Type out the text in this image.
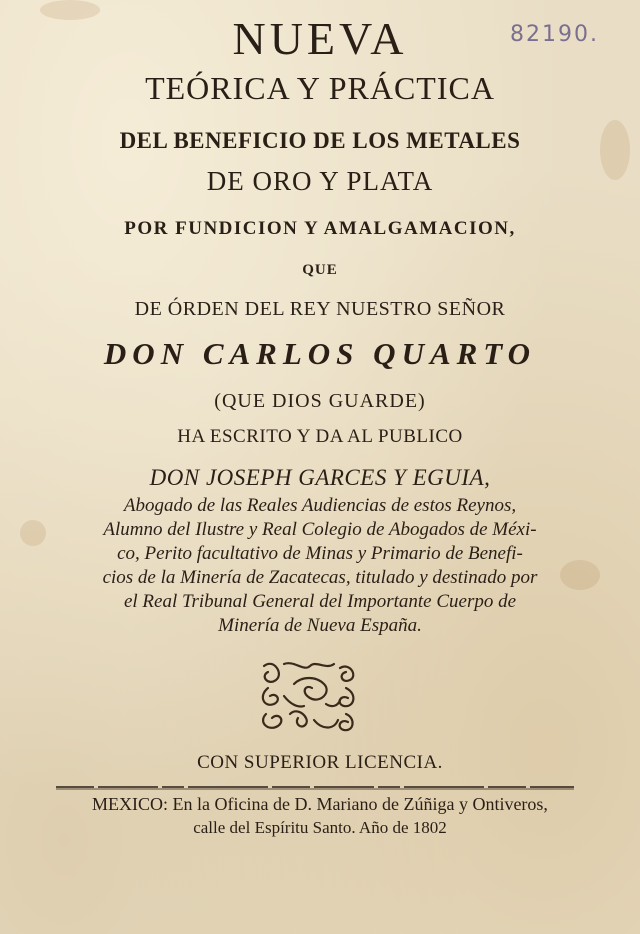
82190.
NUEVA
TEÓRICA Y PRÁCTICA
DEL BENEFICIO DE LOS METALES
DE ORO Y PLATA
POR FUNDICION Y AMALGAMACION,
QUE
DE ÓRDEN DEL REY NUESTRO SEÑOR
DON CARLOS QUARTO
(QUE DIOS GUARDE)
HA ESCRITO Y DA AL PUBLICO
DON JOSEPH GARCES Y EGUIA,
Abogado de las Reales Audiencias de estos Reynos,
Alumno del Ilustre y Real Colegio de Abogados de Méxi-
co, Perito facultativo de Minas y Primario de Benefi-
cios de la Minería de Zacatecas, titulado y destinado por
el Real Tribunal General del Importante Cuerpo de
Minería de Nueva España.
CON SUPERIOR LICENCIA.
MEXICO: En la Oficina de D. Mariano de Zúñiga y Ontiveros,
calle del Espíritu Santo. Año de 1802
